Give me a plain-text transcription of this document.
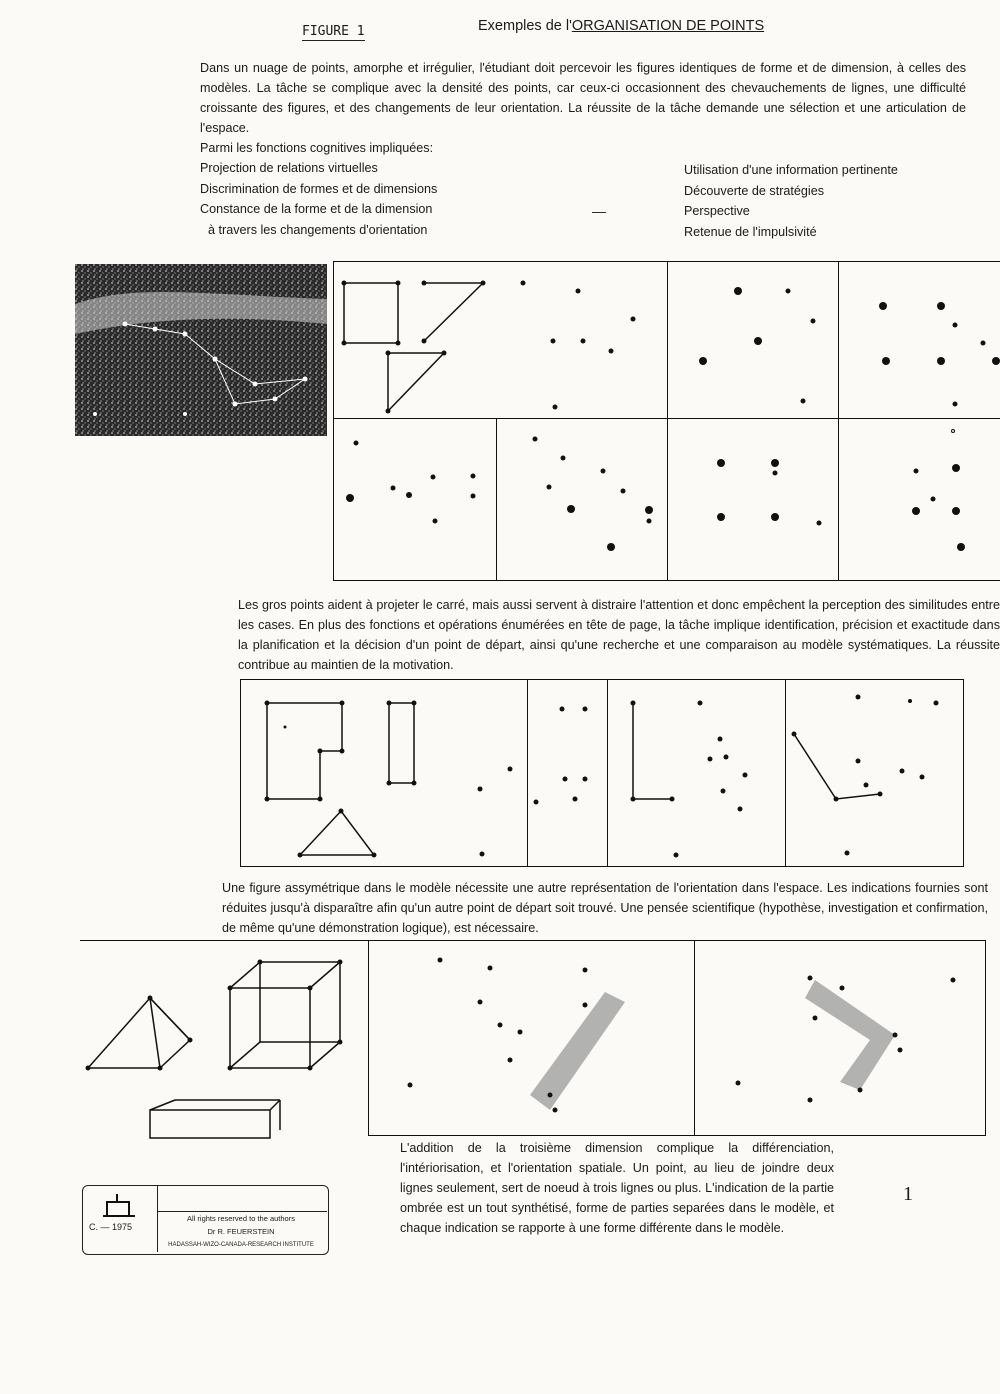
FIGURE 1	Exemples de l'ORGANISATION DE POINTS
Dans un nuage de points, amorphe et irrégulier, l'étudiant doit percevoir les figures identiques de forme et de dimension, à celles des modèles. La tâche se complique avec la densité des points, car ceux-ci occasionnent des chevauchements de lignes, une difficulté croissante des figures, et des changements de leur orientation. La réussite de la tâche demande une sélection et une articulation de l'espace.
Parmi les fonctions cognitives impliquées:
Projection de relations virtuelles
Discrimination de formes et de dimensions
Constance de la forme et de la dimension
à travers les changements d'orientation
—
Utilisation d'une information pertinente
Découverte de stratégies
Perspective
Retenue de l'impulsivité
Les gros points aident à projeter le carré, mais aussi servent à distraire l'attention et donc empêchent la perception des similitudes entre les cases. En plus des fonctions et opérations énumérées en tête de page, la tâche implique identification, précision et exactitude dans la planification et la décision d'un point de départ, ainsi qu'une recherche et une comparaison au modèle systématiques. La réussite contribue au maintien de la motivation.
Une figure assymétrique dans le modèle nécessite une autre représentation de l'orientation dans l'espace. Les indications fournies sont réduites jusqu'à disparaître afin qu'un autre point de départ soit trouvé. Une pensée scientifique (hypothèse, investigation et confirmation, de même qu'une démonstration logique), est nécessaire.
L'addition de la troisième dimension complique la différenciation, l'intériorisation, et l'orientation spatiale. Un point, au lieu de joindre deux lignes seulement, sert de noeud à trois lignes ou plus. L'indication de la partie ombrée est un tout synthétisé, forme de parties separées dans le modèle, et chaque indication se rapporte à une forme différente dans le modèle.
1
C. — 1975
All rights reserved to the authors
Dr R. FEUERSTEIN
HADASSAH-WIZO-CANADA-RESEARCH INSTITUTE
